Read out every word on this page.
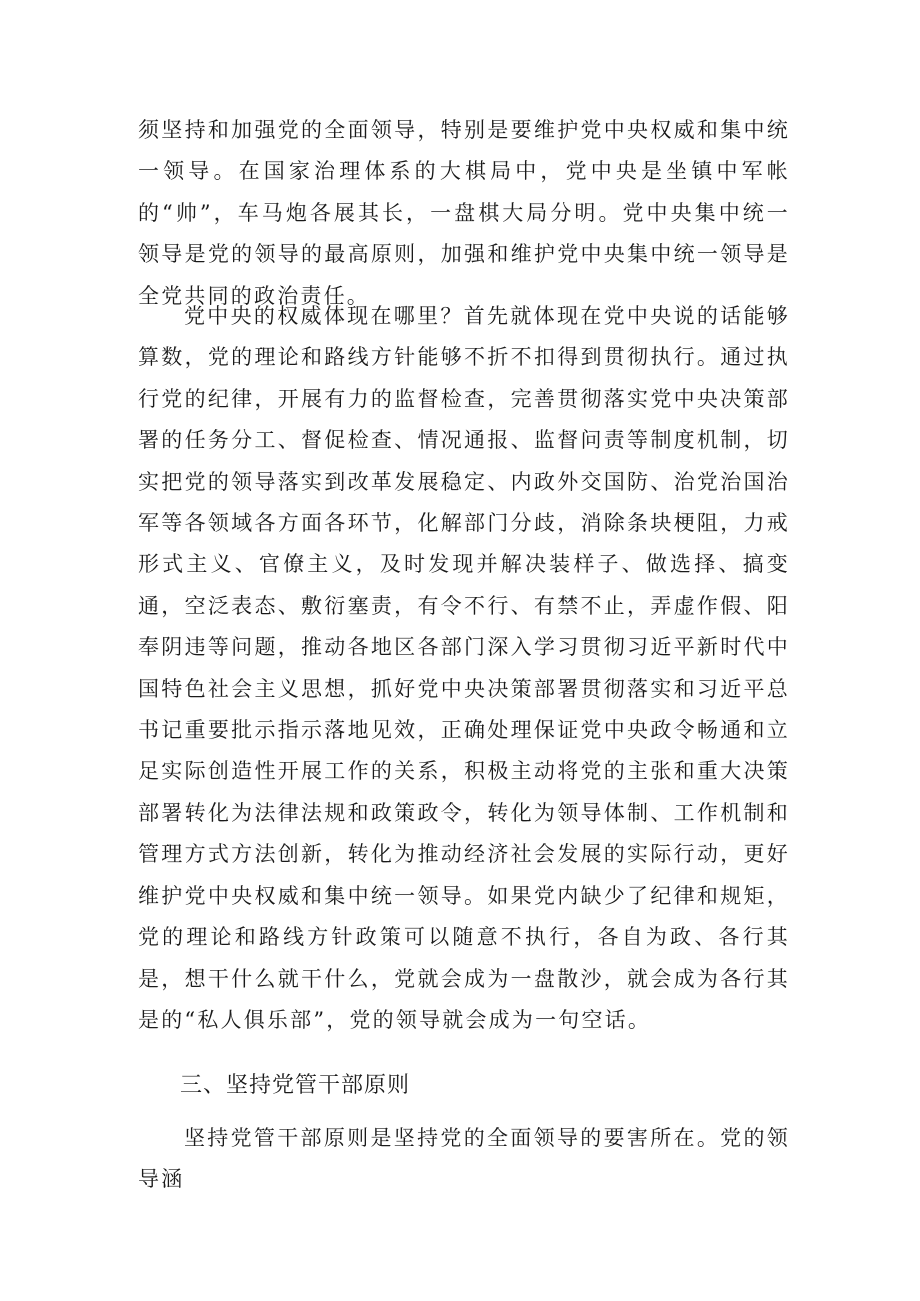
须坚持和加强党的全面领导，特别是要维护党中央权威和集中统一领导。在国家治理体系的大棋局中，党中央是坐镇中军帐的“帅”，车马炮各展其长，一盘棋大局分明。党中央集中统一领导是党的领导的最高原则，加强和维护党中央集中统一领导是全党共同的政治责任。

党中央的权威体现在哪里？首先就体现在党中央说的话能够算数，党的理论和路线方针能够不折不扣得到贯彻执行。通过执行党的纪律，开展有力的监督检查，完善贯彻落实党中央决策部署的任务分工、督促检查、情况通报、监督问责等制度机制，切实把党的领导落实到改革发展稳定、内政外交国防、治党治国治军等各领域各方面各环节，化解部门分歧，消除条块梗阻，力戒形式主义、官僚主义，及时发现并解决装样子、做选择、搞变通，空泛表态、敷衍塞责，有令不行、有禁不止，弄虚作假、阳奉阴违等问题，推动各地区各部门深入学习贯彻习近平新时代中国特色社会主义思想，抓好党中央决策部署贯彻落实和习近平总书记重要批示指示落地见效，正确处理保证党中央政令畅通和立足实际创造性开展工作的关系，积极主动将党的主张和重大决策部署转化为法律法规和政策政令，转化为领导体制、工作机制和管理方式方法创新，转化为推动经济社会发展的实际行动，更好维护党中央权威和集中统一领导。如果党内缺少了纪律和规矩，党的理论和路线方针政策可以随意不执行，各自为政、各行其是，想干什么就干什么，党就会成为一盘散沙，就会成为各行其是的“私人俱乐部”，党的领导就会成为一句空话。

三、坚持党管干部原则

坚持党管干部原则是坚持党的全面领导的要害所在。党的领导涵
